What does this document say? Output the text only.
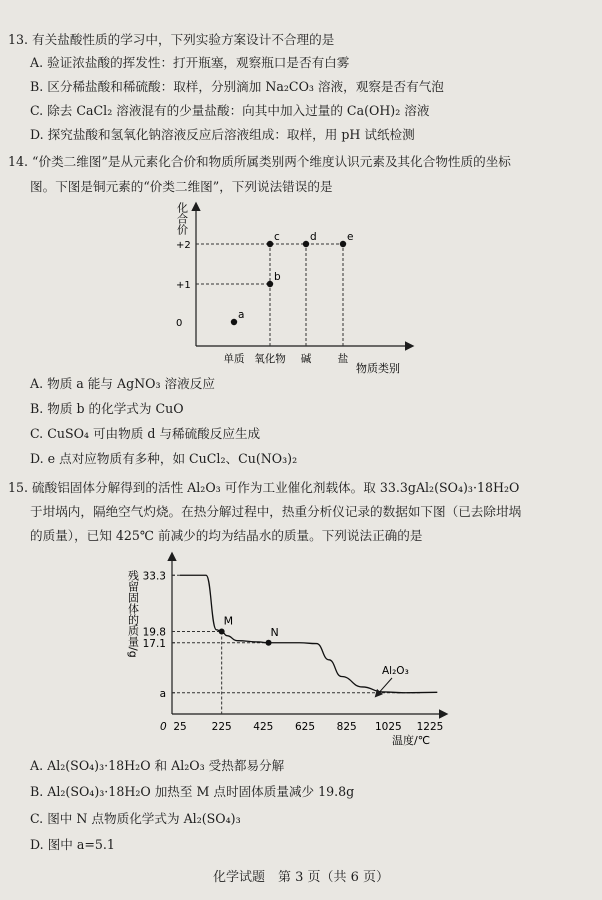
13. 有关盐酸性质的学习中，下列实验方案设计不合理的是
A. 验证浓盐酸的挥发性：打开瓶塞，观察瓶口是否有白雾
B. 区分稀盐酸和稀硫酸：取样，分别滴加 Na₂CO₃ 溶液，观察是否有气泡
C. 除去 CaCl₂ 溶液混有的少量盐酸：向其中加入过量的 Ca(OH)₂ 溶液
D. 探究盐酸和氢氧化钠溶液反应后溶液组成：取样，用 pH 试纸检测
14. “价类二维图”是从元素化合价和物质所属类别两个维度认识元素及其化合物性质的坐标
图。下图是铜元素的“价类二维图”，下列说法错误的是
化合价
物质类别
0
+1
+2
单质 氧化物 碱	盐
a
b
c	d	e
A. 物质 a 能与 AgNO₃ 溶液反应
B. 物质 b 的化学式为 CuO
C. CuSO₄ 可由物质 d 与稀硫酸反应生成
D. e 点对应物质有多种，如 CuCl₂、Cu(NO₃)₂
15. 硫酸铝固体分解得到的活性 Al₂O₃ 可作为工业催化剂载体。取 33.3gAl₂(SO₄)₃·18H₂O
于坩埚内，隔绝空气灼烧。在热分解过程中，热重分析仪记录的数据如下图（已去除坩埚
的质量），已知 425℃ 前减少的均为结晶水的质量。下列说法正确的是
残留固体的质量/g
温度/℃
0 25 225 425 625 825 1025 1225
33.3
19.8
17.1
a
M
N
Al₂O₃
A. Al₂(SO₄)₃·18H₂O 和 Al₂O₃ 受热都易分解
B. Al₂(SO₄)₃·18H₂O 加热至 M 点时固体质量减少 19.8g
C. 图中 N 点物质化学式为 Al₂(SO₄)₃
D. 图中 a=5.1
化学试题　第 3 页（共 6 页）
